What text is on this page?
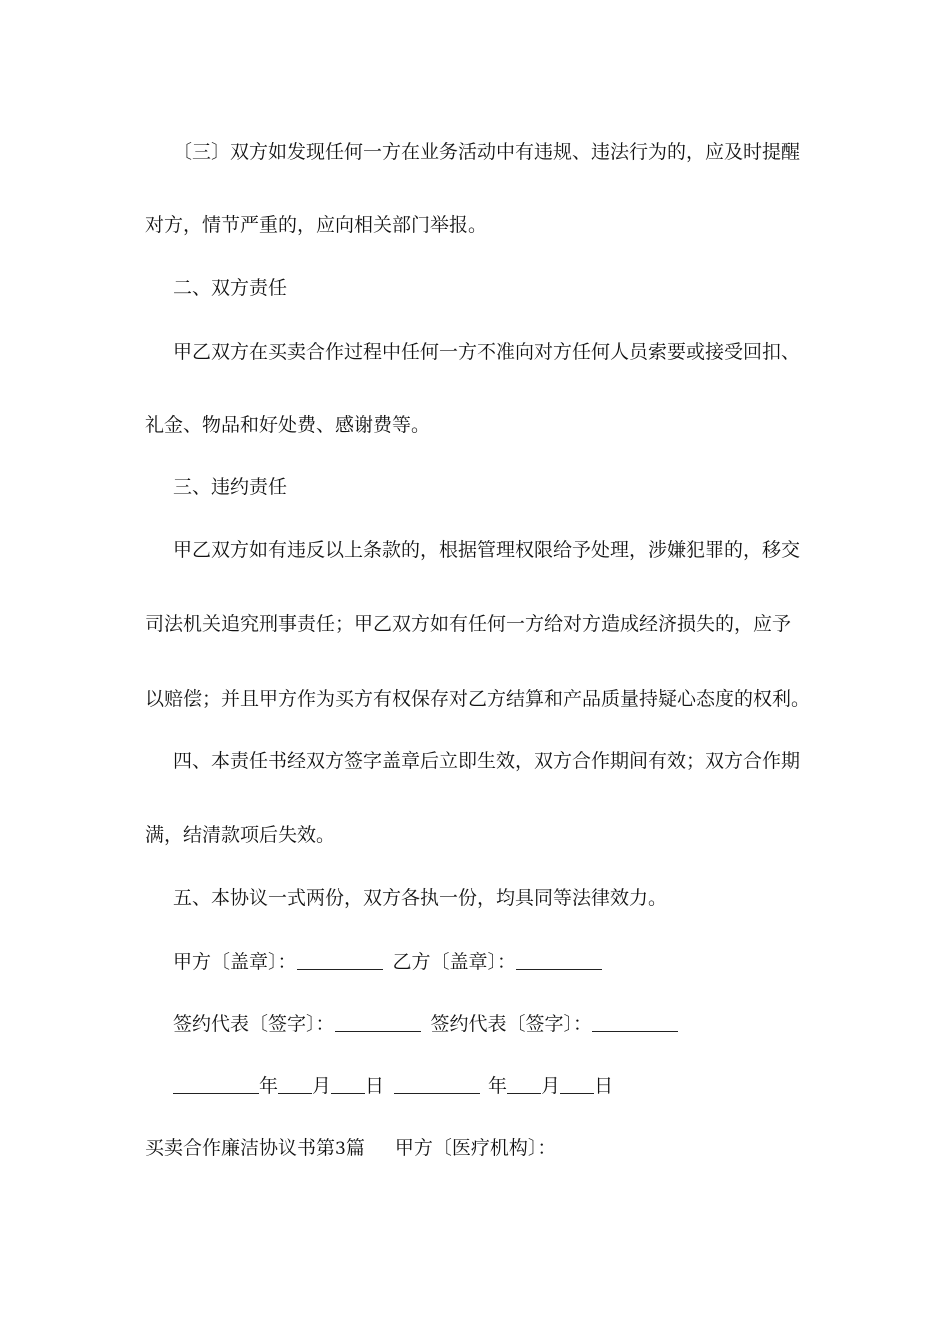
〔三〕双方如发现任何一方在业务活动中有违规、违法行为的，应及时提醒
对方，情节严重的，应向相关部门举报。
二、双方责任
甲乙双方在买卖合作过程中任何一方不准向对方任何人员索要或接受回扣、
礼金、物品和好处费、感谢费等。
三、违约责任
甲乙双方如有违反以上条款的，根据管理权限给予处理，涉嫌犯罪的，移交
司法机关追究刑事责任；甲乙双方如有任何一方给对方造成经济损失的，应予
以赔偿；并且甲方作为买方有权保存对乙方结算和产品质量持疑心态度的权利。
四、本责任书经双方签字盖章后立即生效，双方合作期间有效；双方合作期
满，结清款项后失效。
五、本协议一式两份，双方各执一份，均具同等法律效力。
甲方〔盖章〕：	乙方〔盖章〕：
签约代表〔签字〕：	签约代表〔签字〕：
年 月 日	年 月 日
买卖合作廉洁协议书第3篇 甲方〔医疗机构〕：
